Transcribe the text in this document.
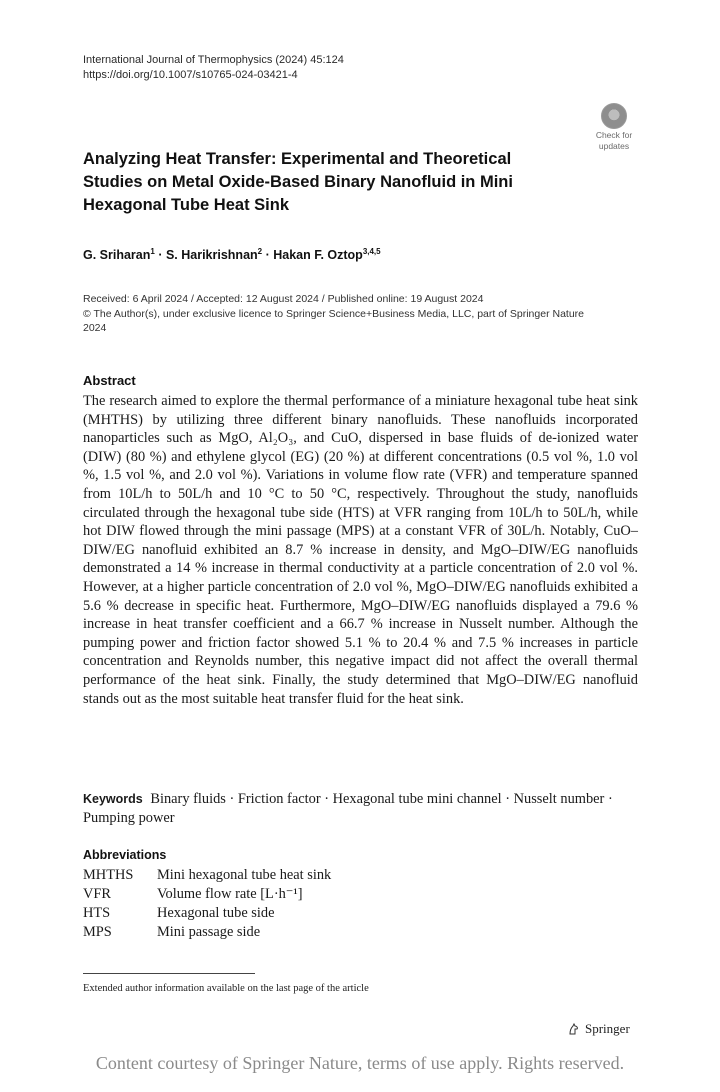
International Journal of Thermophysics (2024) 45:124
https://doi.org/10.1007/s10765-024-03421-4
Check for
updates
Analyzing Heat Transfer: Experimental and Theoretical
Studies on Metal Oxide-Based Binary Nanofluid in Mini
Hexagonal Tube Heat Sink
G. Sriharan$^1$ · S. Harikrishnan$^2$ · Hakan F. Oztop$^{3,4,5}$
Received: 6 April 2024 / Accepted: 12 August 2024 / Published online: 19 August 2024
© The Author(s), under exclusive licence to Springer Science+Business Media, LLC, part of Springer Nature
2024
Abstract

The research aimed to explore the thermal performance of a miniature hexagonal tube heat sink (MHTHS) by utilizing three different binary nanofluids. These nanofluids incorporated nanoparticles such as MgO, Al₂O₃, and CuO, dispersed in base fluids of de-ionized water (DIW) (80 %) and ethylene glycol (EG) (20 %) at different concentrations (0.5 vol %, 1.0 vol %, 1.5 vol %, and 2.0 vol %). Variations in volume flow rate (VFR) and temperature spanned from 10L/h to 50L/h and 10 °C to 50 °C, respectively. Throughout the study, nanofluids circulated through the hexagonal tube side (HTS) at VFR ranging from 10L/h to 50L/h, while hot DIW flowed through the mini passage (MPS) at a constant VFR of 30L/h. Notably, CuO–DIW/EG nanofluid exhibited an 8.7 % increase in density, and MgO–DIW/EG nanofluids demonstrated a 14 % increase in thermal conductivity at a particle concentration of 2.0 vol %. However, at a higher particle concentration of 2.0 vol %, MgO–DIW/EG nanofluids exhibited a 5.6 % decrease in specific heat. Furthermore, MgO–DIW/EG nanofluids displayed a 79.6 % increase in heat transfer coefficient and a 66.7 % increase in Nusselt number. Although the pumping power and friction factor showed 5.1 % to 20.4 % and 7.5 % increases in particle concentration and Reynolds number, this negative impact did not affect the overall thermal performance of the heat sink. Finally, the study determined that MgO–DIW/EG nanofluid stands out as the most suitable heat transfer fluid for the heat sink.

Keywords Binary fluids · Friction factor · Hexagonal tube mini channel · Nusselt number · Pumping power
Abbreviations
MHTHS	Mini hexagonal tube heat sink
VFR	Volume flow rate [L·h⁻¹]
HTS	Hexagonal tube side
MPS	Mini passage side
Extended author information available on the last page of the article
Springer
Content courtesy of Springer Nature, terms of use apply. Rights reserved.
